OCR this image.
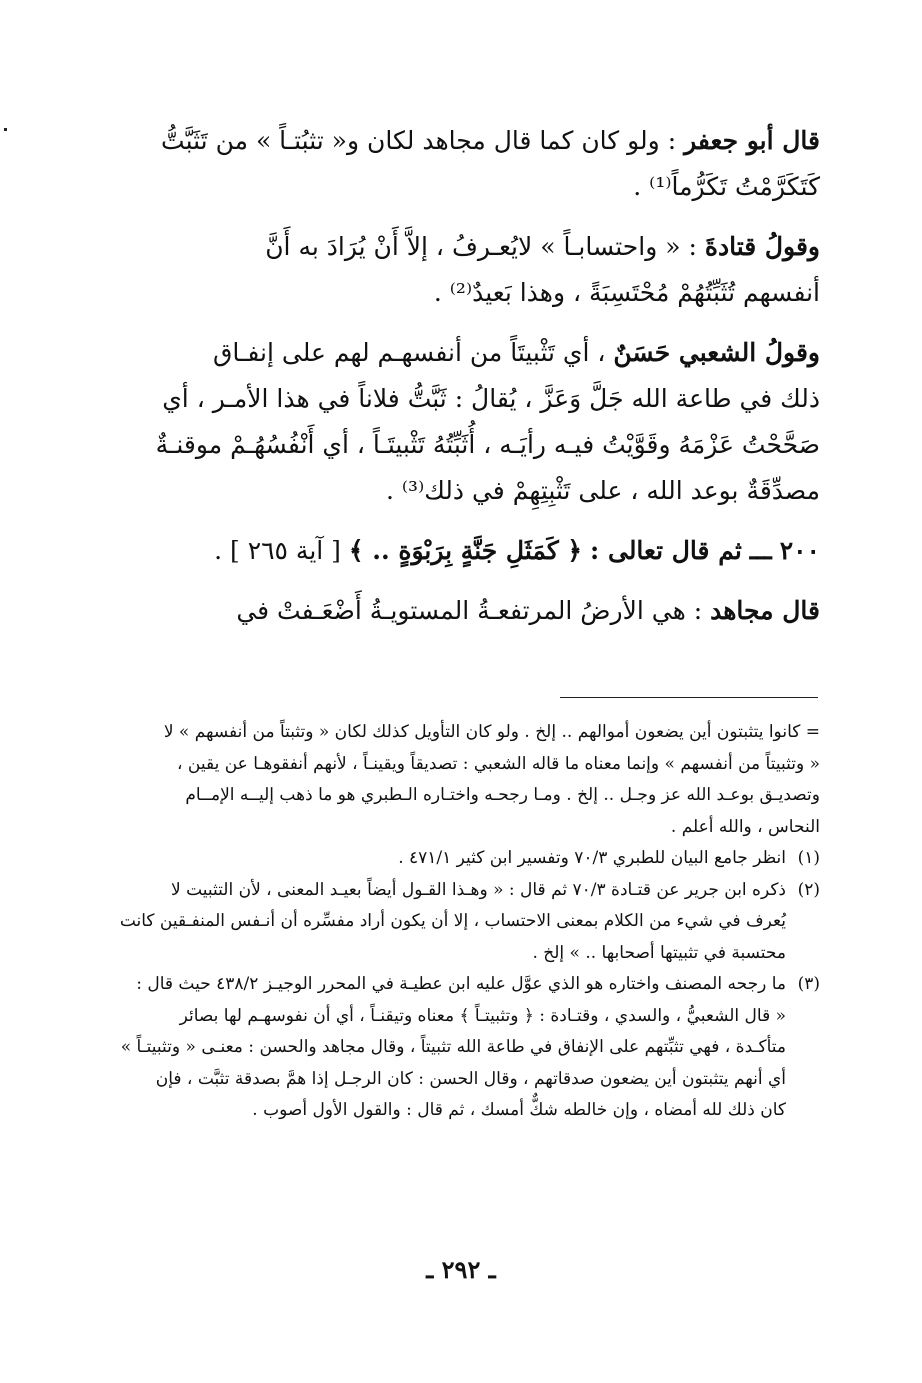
قال أبو جعفر : ولو كان كما قال مجاهد لكان و« تثبُتـاً » من تَثَبَّتُّ

كَتَكَرَّمْتُ تَكَرُّماً⁽¹⁾ .

وقولُ قتادةَ : « واحتسابـاً » لايُعـرفُ ، إلاَّ أَنْ يُرَادَ به أَنَّ

أنفسهم تُثَبِّتُهُمْ مُحْتَسِبَةً ، وهذا بَعيدٌ⁽²⁾ .

وقولُ الشعبي حَسَنٌ ، أي تَثْبيتَاً من أنفسهـم لهم على إنفـاق

ذلك في طاعة الله جَلَّ وَعَزَّ ، يُقالُ : ثَبَّتُّ فلاناً في هذا الأمـر ، أي

صَحَّحْتُ عَزْمَهُ وقَوَّيْتُ فيـه رأيَـه ، أُثَبِّتُهُ تَثْبيتَـاً ، أي أَنْفُسُهُـمْ موقنـةٌ

مصدِّقَةٌ بوعد الله ، على تَثْبِتِهِمْ في ذلك⁽³⁾ .

٢٠٠ ـــ ثم قال تعالى : ﴿ كَمَثَلِ جَنَّةٍ بِرَبْوَةٍ .. ﴾ [ آية ٢٦٥ ] .

قال مجاهد : هي الأرضُ المرتفعـةُ المستويـةُ أَضْعَـفتْ في

= كانوا يتثبتون أين يضعون أموالهم .. إلخ . ولو كان التأويل كذلك لكان « وتثبتاً من أنفسهم » لا

« وتثبيتاً من أنفسهم » وإنما معناه ما قاله الشعبي : تصديقاً ويقينـاً ، لأنهم أنفقوهـا عن يقين ،

وتصديـق بوعـد الله عز وجـل .. إلخ . ومـا رجحـه واختـاره الـطبري هو ما ذهب إليــه الإمــام

النحاس ، والله أعلم .

(١)

انظر جامع البيان للطبري ٧٠/٣ وتفسير ابن كثير ٤٧١/١ .

(٢)

ذكره ابن جرير عن قتـادة ٧٠/٣ ثم قال : « وهـذا القـول أيضاً بعيـد المعنى ، لأن التثبيت لا

يُعرف في شيء من الكلام بمعنى الاحتساب ، إلا أن يكون أراد مفسِّره أن أنـفس المنفـقين كانت

محتسبة في تثبيتها أصحابها .. » إلخ .

(٣)

ما رجحه المصنف واختاره هو الذي عوَّل عليه ابن عطيـة في المحرر الوجيـز ٤٣٨/٢ حيث قال :

« قال الشعبيُّ ، والسدي ، وقتـادة : ﴿ وتثبيتـاً ﴾ معناه وتيقنـاً ، أي أن نفوسهـم لها بصائر

متأكـدة ، فهي تثبِّتهم على الإنفاق في طاعة الله تثبيتاً ، وقال مجاهد والحسن : معنـى « وتثبيتـاً »

أي أنهم يتثبتون أين يضعون صدقاتهم ، وقال الحسن : كان الرجـل إذا همَّ بصدقة تثبَّت ، فإن

كان ذلك لله أمضاه ، وإن خالطه شكٌّ أمسك ، ثم قال : والقول الأول أصوب .

ـ ٢٩٢ ـ
